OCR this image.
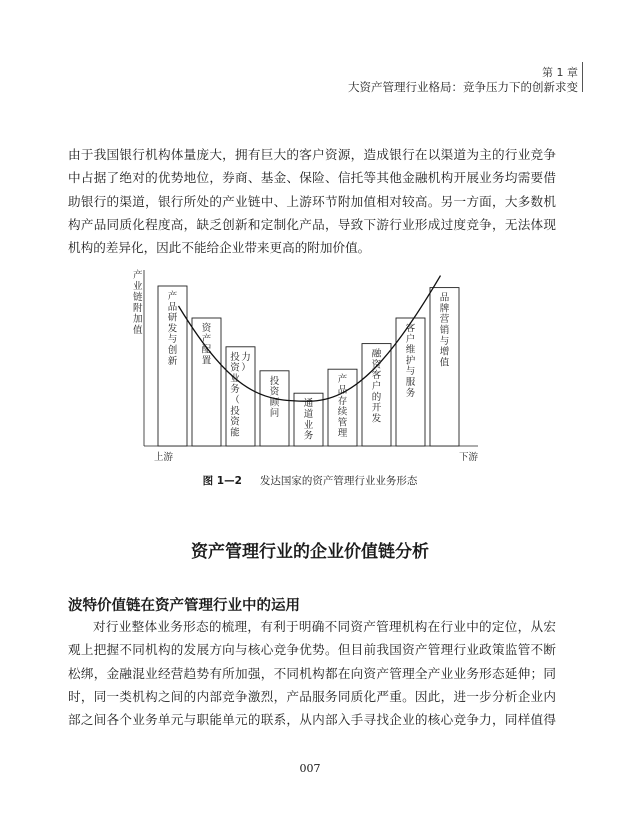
第 1 章
大资产管理行业格局：竞争压力下的创新求变
由于我国银行机构体量庞大，拥有巨大的客户资源，造成银行在以渠道为主的行业竞争
中占据了绝对的优势地位，券商、基金、保险、信托等其他金融机构开展业务均需要借
助银行的渠道，银行所处的产业链中、上游环节附加值相对较高。另一方面，大多数机
构产品同质化程度高，缺乏创新和定制化产品，导致下游行业形成过度竞争，无法体现
机构的差异化，因此不能给企业带来更高的附加价值。
产业链附加值
产品研发与创新
资产配置 投资业务（投资能力）
投资顾问
通道业务
产品存续管理
融资客户的开发
客户维护与服务
品牌营销与增值
上游	下游
图 1—2 发达国家的资产管理行业业务形态
资产管理行业的企业价值链分析
波特价值链在资产管理行业中的运用
对行业整体业务形态的梳理，有利于明确不同资产管理机构在行业中的定位，从宏
观上把握不同机构的发展方向与核心竞争优势。但目前我国资产管理行业政策监管不断
松绑，金融混业经营趋势有所加强，不同机构都在向资产管理全产业业务形态延伸；同
时，同一类机构之间的内部竞争激烈，产品服务同质化严重。因此，进一步分析企业内
部之间各个业务单元与职能单元的联系，从内部入手寻找企业的核心竞争力，同样值得
007
